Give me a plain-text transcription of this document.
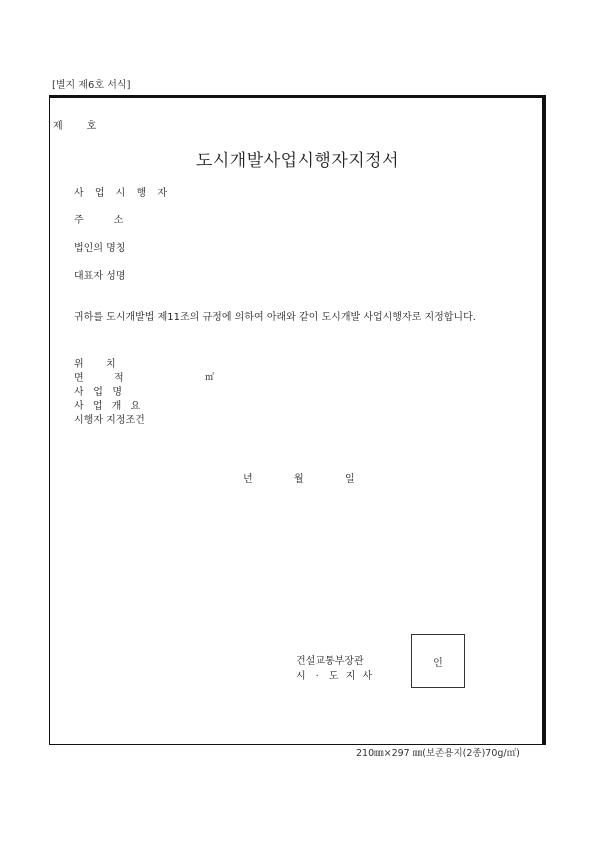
[별지 제6호 서식]
제 호
도시개발사업시행자지정서
사 업 시 행 자
주	소
법인의 명칭
대표자 성명
귀하를 도시개발법 제11조의 규정에 의하여 아래와 같이 도시개발 사업시행자로 지정합니다.
위 치
면	적	㎡
사   업   명
사 업 개 요
시행자 지정조건
년	월	일
건설교통부장관
시 · 도 지 사
인
210㎜×297 ㎜(보존용지(2종)70g/㎡)
